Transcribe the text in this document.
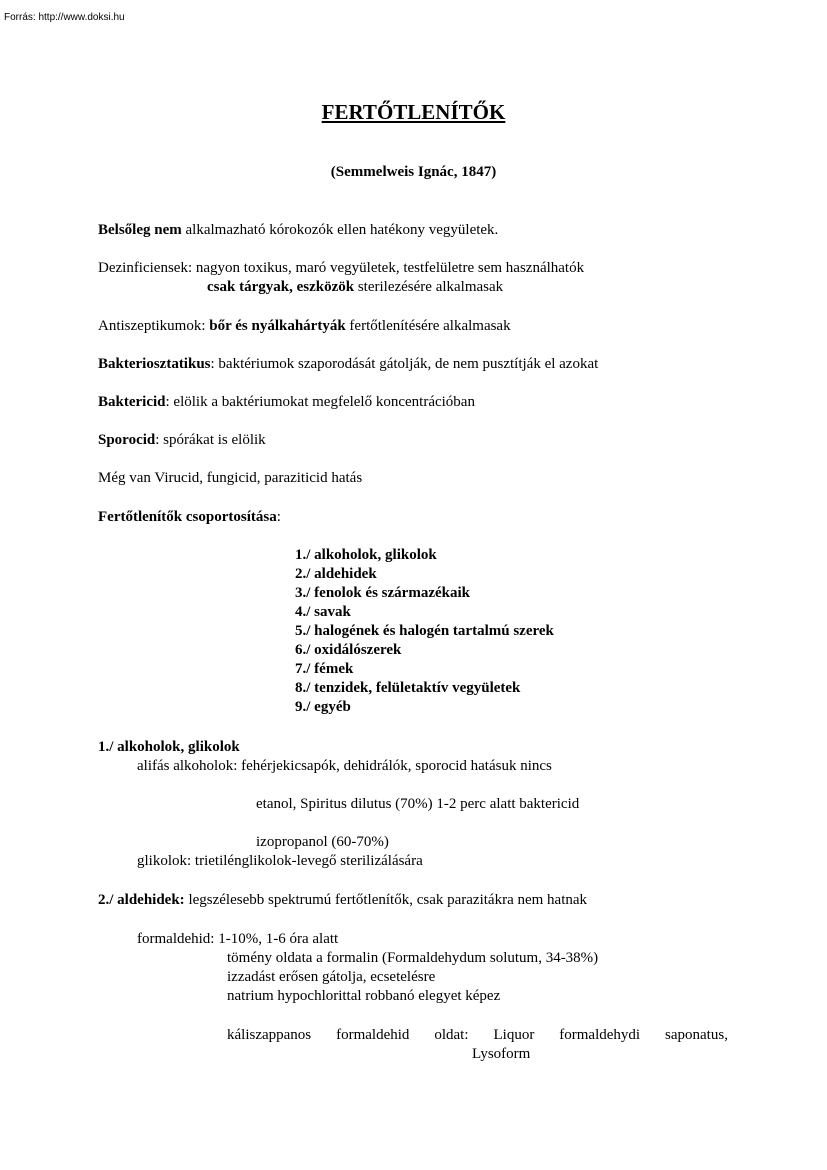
Forrás: http://www.doksi.hu
FERTŐTLENÍTŐK
(Semmelweis Ignác, 1847)
Belsőleg nem alkalmazható kórokozók ellen hatékony vegyületek.
Dezinficiensek: nagyon toxikus, maró vegyületek, testfelületre sem használhatók
csak tárgyak, eszközök sterilezésére alkalmasak
Antiszeptikumok: bőr és nyálkahártyák fertőtlenítésére alkalmasak
Bakteriosztatikus: baktériumok szaporodását gátolják, de nem pusztítják el azokat
Baktericid: elölik a baktériumokat megfelelő koncentrációban
Sporocid: spórákat is elölik
Még van Virucid, fungicid, paraziticid hatás
Fertőtlenítők csoportosítása:
1./ alkoholok, glikolok
2./ aldehidek
3./ fenolok és származékaik
4./ savak
5./ halogének és halogén tartalmú szerek
6./ oxidálószerek
7./ fémek
8./ tenzidek, felületaktív vegyületek
9./ egyéb
1./ alkoholok, glikolok
alifás alkoholok: fehérjekicsapók, dehidrálók, sporocid hatásuk nincs
etanol, Spiritus dilutus (70%) 1-2 perc alatt baktericid
izopropanol (60-70%)
glikolok: trietilénglikolok-levegő sterilizálására
2./ aldehidek: legszélesebb spektrumú fertőtlenítők, csak parazitákra nem hatnak
formaldehid: 1-10%, 1-6 óra alatt
tömény oldata a formalin (Formaldehydum solutum, 34-38%)
izzadást erősen gátolja, ecsetelésre
natrium hypochlorittal robbanó elegyet képez
káliszappanos formaldehid oldat: Liquor formaldehydi saponatus,
Lysoform
